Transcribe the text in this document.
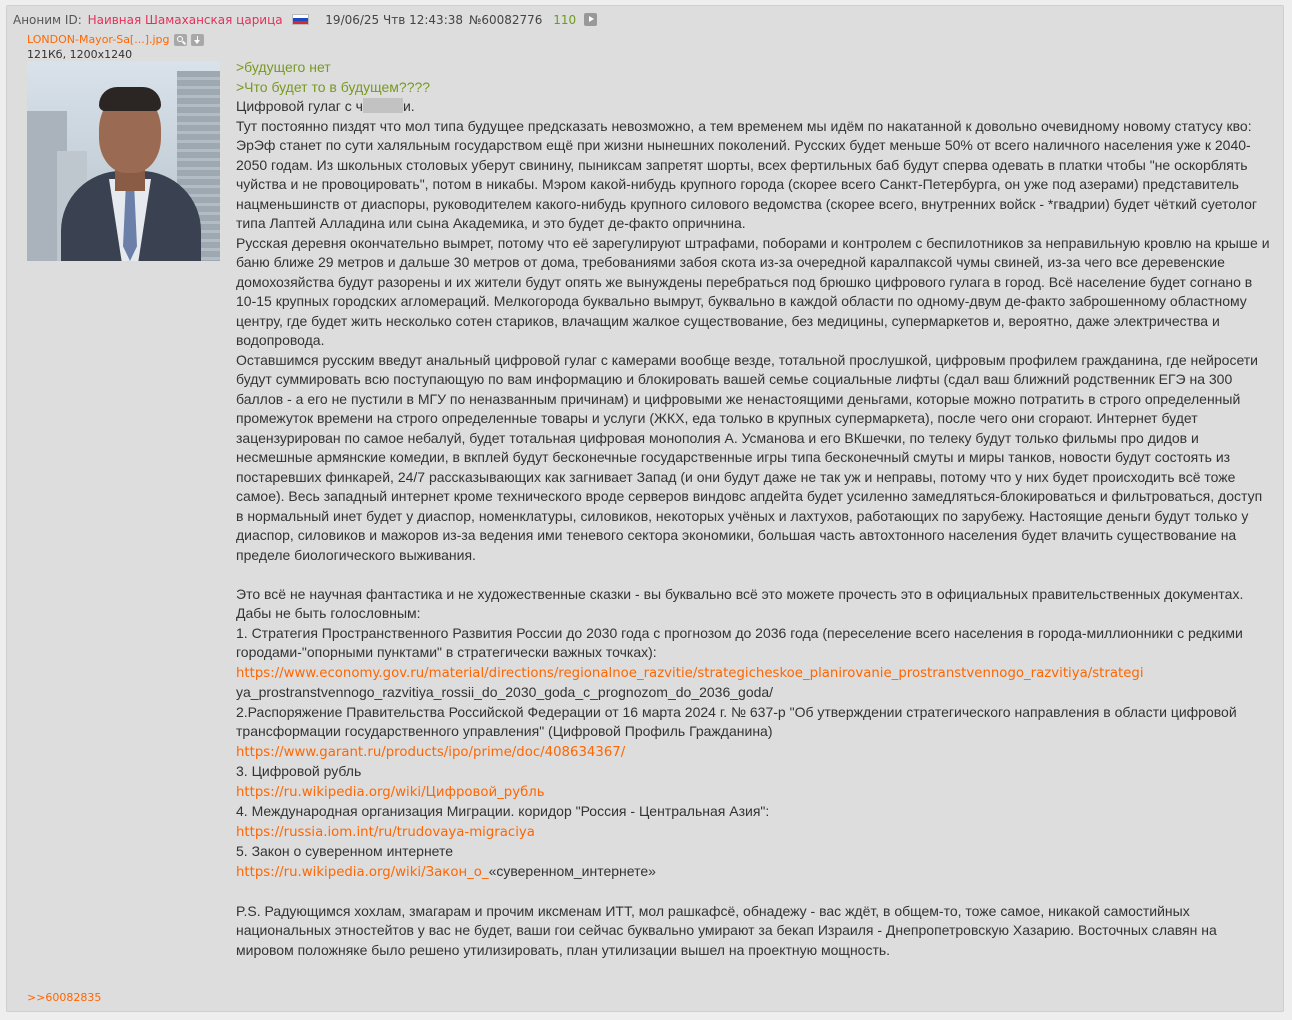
Аноним ID: Наивная Шамаханская царица	19/06/25 Чтв 12:43:38 №60082776 110
LONDON-Mayor-Sa[...].jpg
121Кб, 1200x1240

>будущего нет

>Что будет то в будущем????

Цифровой гулаг с ч	и.

Тут постоянно пиздят что мол типа будущее предсказать невозможно, а тем временем мы идём по накатанной к довольно очевидному новому статусу кво:

ЭрЭф станет по сути халяльным государством ещё при жизни нынешних поколений. Русских будет меньше 50% от всего наличного населения уже к 2040-2050 годам. Из школьных столовых уберут свинину, пыниксам запретят шорты, всех фертильных баб будут сперва одевать в платки чтобы "не оскорблять чуйства и не провоцировать", потом в никабы. Мэром какой-нибудь крупного города (скорее всего Санкт-Петербурга, он уже под азерами) представитель нацменьшинств от диаспоры, руководителем какого-нибудь крупного силового ведомства (скорее всего, внутренних войск - *гвадрии) будет чёткий суетолог типа Лаптей Алладина или сына Академика, и это будет де-факто опричнина.

Русская деревня окончательно вымрет, потому что её зарегулируют штрафами, поборами и контролем с беспилотников за неправильную кровлю на крыше и баню ближе 29 метров и дальше 30 метров от дома, требованиями забоя скота из-за очередной каралпаксой чумы свиней, из-за чего все деревенские домохозяйства будут разорены и их жители будут опять же вынуждены перебраться под брюшко цифрового гулага в город. Всё население будет согнано в 10-15 крупных городских агломераций. Мелкогорода буквально вымрут, буквально в каждой области по одному-двум де-факто заброшенному областному центру, где будет жить несколько сотен стариков, влачащим жалкое существование, без медицины, супермаркетов и, вероятно, даже электричества и водопровода.

Оставшимся русским введут анальный цифровой гулаг с камерами вообще везде, тотальной прослушкой, цифровым профилем гражданина, где нейросети будут суммировать всю поступающую по вам информацию и блокировать вашей семье социальные лифты (сдал ваш ближний родственник ЕГЭ на 300 баллов - а его не пустили в МГУ по неназванным причинам) и цифровыми же ненастоящими деньгами, которые можно потратить в строго определенный промежуток времени на строго определенные товары и услуги (ЖКХ, еда только в крупных супермаркета), после чего они сгорают. Интернет будет зацензурирован по самое небалуй, будет тотальная цифровая монополия А. Усманова и его ВКшечки, по телеку будут только фильмы про дидов и несмешные армянские комедии, в вкплей будут бесконечные государственные игры типа бесконечный смуты и миры танков, новости будут состоять из постаревших финкарей, 24/7 рассказывающих как загнивает Запад (и они будут даже не так уж и неправы, потому что у них будет происходить всё тоже самое). Весь западный интернет кроме технического вроде серверов виндовс апдейта будет усиленно замедляться-блокироваться и фильтроваться, доступ в нормальный инет будет у диаспор, номенклатуры, силовиков, некоторых учёных и лахтухов, работающих по зарубежу. Настоящие деньги будут только у диаспор, силовиков и мажоров из-за ведения ими теневого сектора экономики, большая часть автохтонного населения будет влачить существование на пределе биологического выживания.

Это всё не научная фантастика и не художественные сказки - вы буквально всё это можете прочесть это в официальных правительственных документах. Дабы не быть голословным:

1. Стратегия Пространственного Развития России до 2030 года с прогнозом до 2036 года (переселение всего населения в города-миллионники с редкими городами-"опорными пунктами" в стратегически важных точках):

https://www.economy.gov.ru/material/directions/regionalnoe_razvitie/strategicheskoe_planirovanie_prostranstvennogo_razvitiya/strategi

ya_prostranstvennogo_razvitiya_rossii_do_2030_goda_c_prognozom_do_2036_goda/

2.Распоряжение Правительства Российской Федерации от 16 марта 2024 г. № 637-р "Об утверждении стратегического направления в области цифровой трансформации государственного управления" (Цифровой Профиль Гражданина)

https://www.garant.ru/products/ipo/prime/doc/408634367/

3. Цифровой рубль

https://ru.wikipedia.org/wiki/Цифровой_рубль

4. Международная организация Миграции. коридор "Россия - Центральная Азия":

https://russia.iom.int/ru/trudovaya-migraciya

5. Закон о суверенном интернете

https://ru.wikipedia.org/wiki/Закон_о_«суверенном_интернете»

P.S. Радующимся хохлам, змагарам и прочим иксменам ИТТ, мол рашкафсё, обнадежу - вас ждёт, в общем-то, тоже самое, никакой самостийных национальных этностейтов у вас не будет, ваши гои сейчас буквально умирают за бекап Израиля - Днепропетровскую Хазарию. Восточных славян на мировом положняке было решено утилизировать, план утилизации вышел на проектную мощность.

>>60082835
